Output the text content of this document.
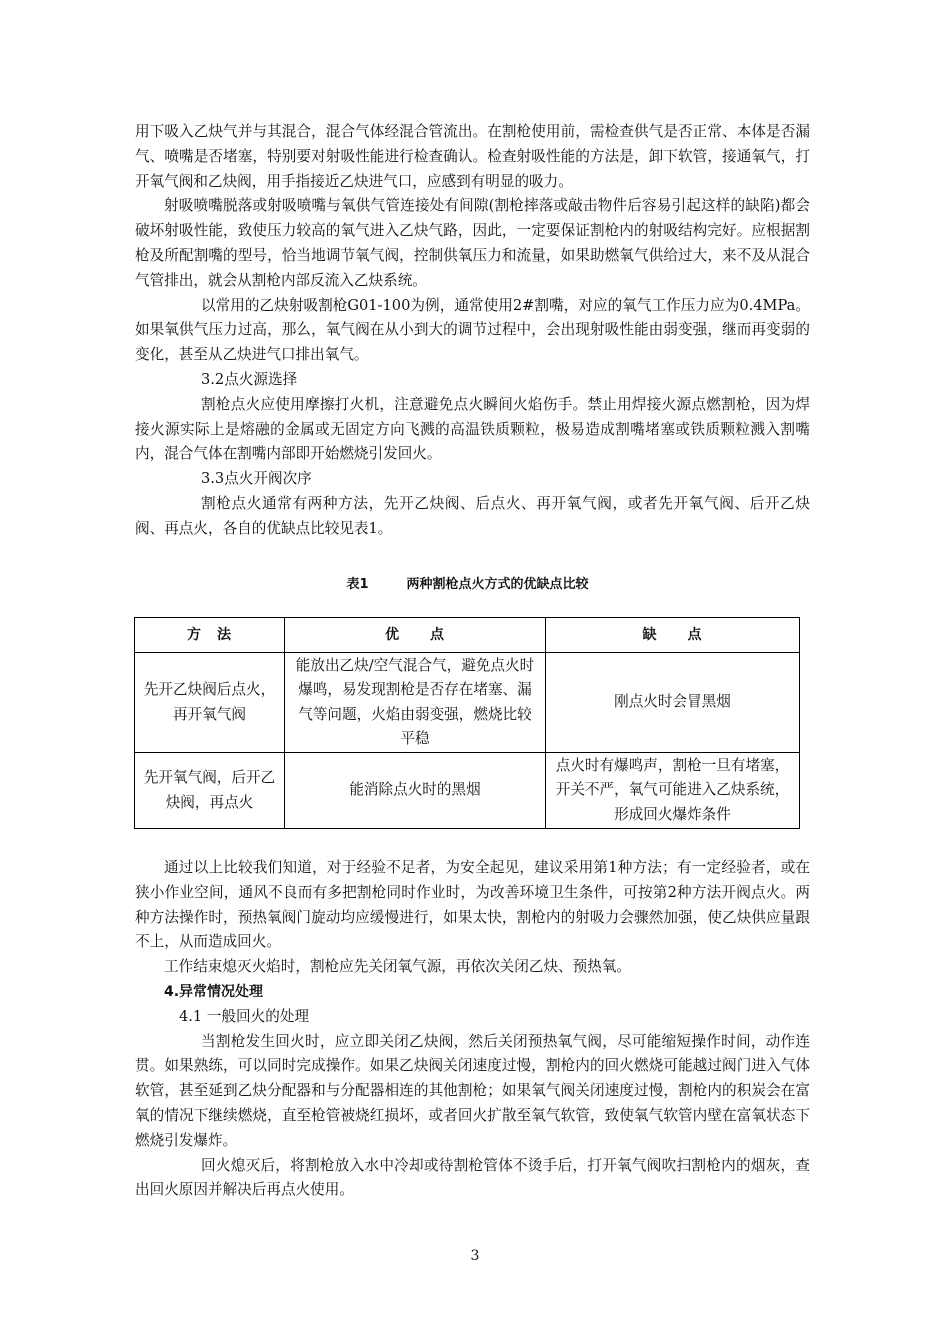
用下吸入乙炔气并与其混合，混合气体经混合管流出。在割枪使用前，需检查供气是否正常、本体是否漏气、喷嘴是否堵塞，特别要对射吸性能进行检查确认。检查射吸性能的方法是，卸下软管，接通氧气，打开氧气阀和乙炔阀，用手指接近乙炔进气口，应感到有明显的吸力。

射吸喷嘴脱落或射吸喷嘴与氧供气管连接处有间隙(割枪摔落或敲击物件后容易引起这样的缺陷)都会破坏射吸性能，致使压力较高的氧气进入乙炔气路，因此，一定要保证割枪内的射吸结构完好。应根据割枪及所配割嘴的型号，恰当地调节氧气阀，控制供氧压力和流量，如果助燃氧气供给过大，来不及从混合气管排出，就会从割枪内部反流入乙炔系统。

以常用的乙炔射吸割枪G01-100为例，通常使用2#割嘴，对应的氧气工作压力应为0.4MPa。如果氧供气压力过高，那么，氧气阀在从小到大的调节过程中，会出现射吸性能由弱变强，继而再变弱的变化，甚至从乙炔进气口排出氧气。

3.2点火源选择

割枪点火应使用摩擦打火机，注意避免点火瞬间火焰伤手。禁止用焊接火源点燃割枪，因为焊接火源实际上是熔融的金属或无固定方向飞溅的高温铁质颗粒，极易造成割嘴堵塞或铁质颗粒溅入割嘴内，混合气体在割嘴内部即开始燃烧引发回火。

3.3点火开阀次序

割枪点火通常有两种方法，先开乙炔阀、后点火、再开氧气阀，或者先开氧气阀、后开乙炔阀、再点火，各自的优缺点比较见表1。

表1	两种割枪点火方式的优缺点比较
方　法	优　　点	缺　　点
先开乙炔阀后点火，再开氧气阀	能放出乙炔/空气混合气，避免点火时爆鸣，易发现割枪是否存在堵塞、漏气等问题，火焰由弱变强，燃烧比较平稳	刚点火时会冒黑烟
先开氧气阀，后开乙炔阀，再点火	能消除点火时的黑烟	点火时有爆鸣声，割枪一旦有堵塞，开关不严，氧气可能进入乙炔系统，形成回火爆炸条件

通过以上比较我们知道，对于经验不足者，为安全起见，建议采用第1种方法；有一定经验者，或在狭小作业空间，通风不良而有多把割枪同时作业时，为改善环境卫生条件，可按第2种方法开阀点火。两种方法操作时，预热氧阀门旋动均应缓慢进行，如果太快，割枪内的射吸力会骤然加强，使乙炔供应量跟不上，从而造成回火。

工作结束熄灭火焰时，割枪应先关闭氧气源，再依次关闭乙炔、预热氧。

4.异常情况处理

4.1 一般回火的处理

当割枪发生回火时，应立即关闭乙炔阀，然后关闭预热氧气阀，尽可能缩短操作时间，动作连贯。如果熟练，可以同时完成操作。如果乙炔阀关闭速度过慢，割枪内的回火燃烧可能越过阀门进入气体软管，甚至延到乙炔分配器和与分配器相连的其他割枪；如果氧气阀关闭速度过慢，割枪内的积炭会在富氧的情况下继续燃烧，直至枪管被烧红损坏，或者回火扩散至氧气软管，致使氧气软管内壁在富氧状态下燃烧引发爆炸。

回火熄灭后，将割枪放入水中冷却或待割枪管体不烫手后，打开氧气阀吹扫割枪内的烟灰，查出回火原因并解决后再点火使用。

3
